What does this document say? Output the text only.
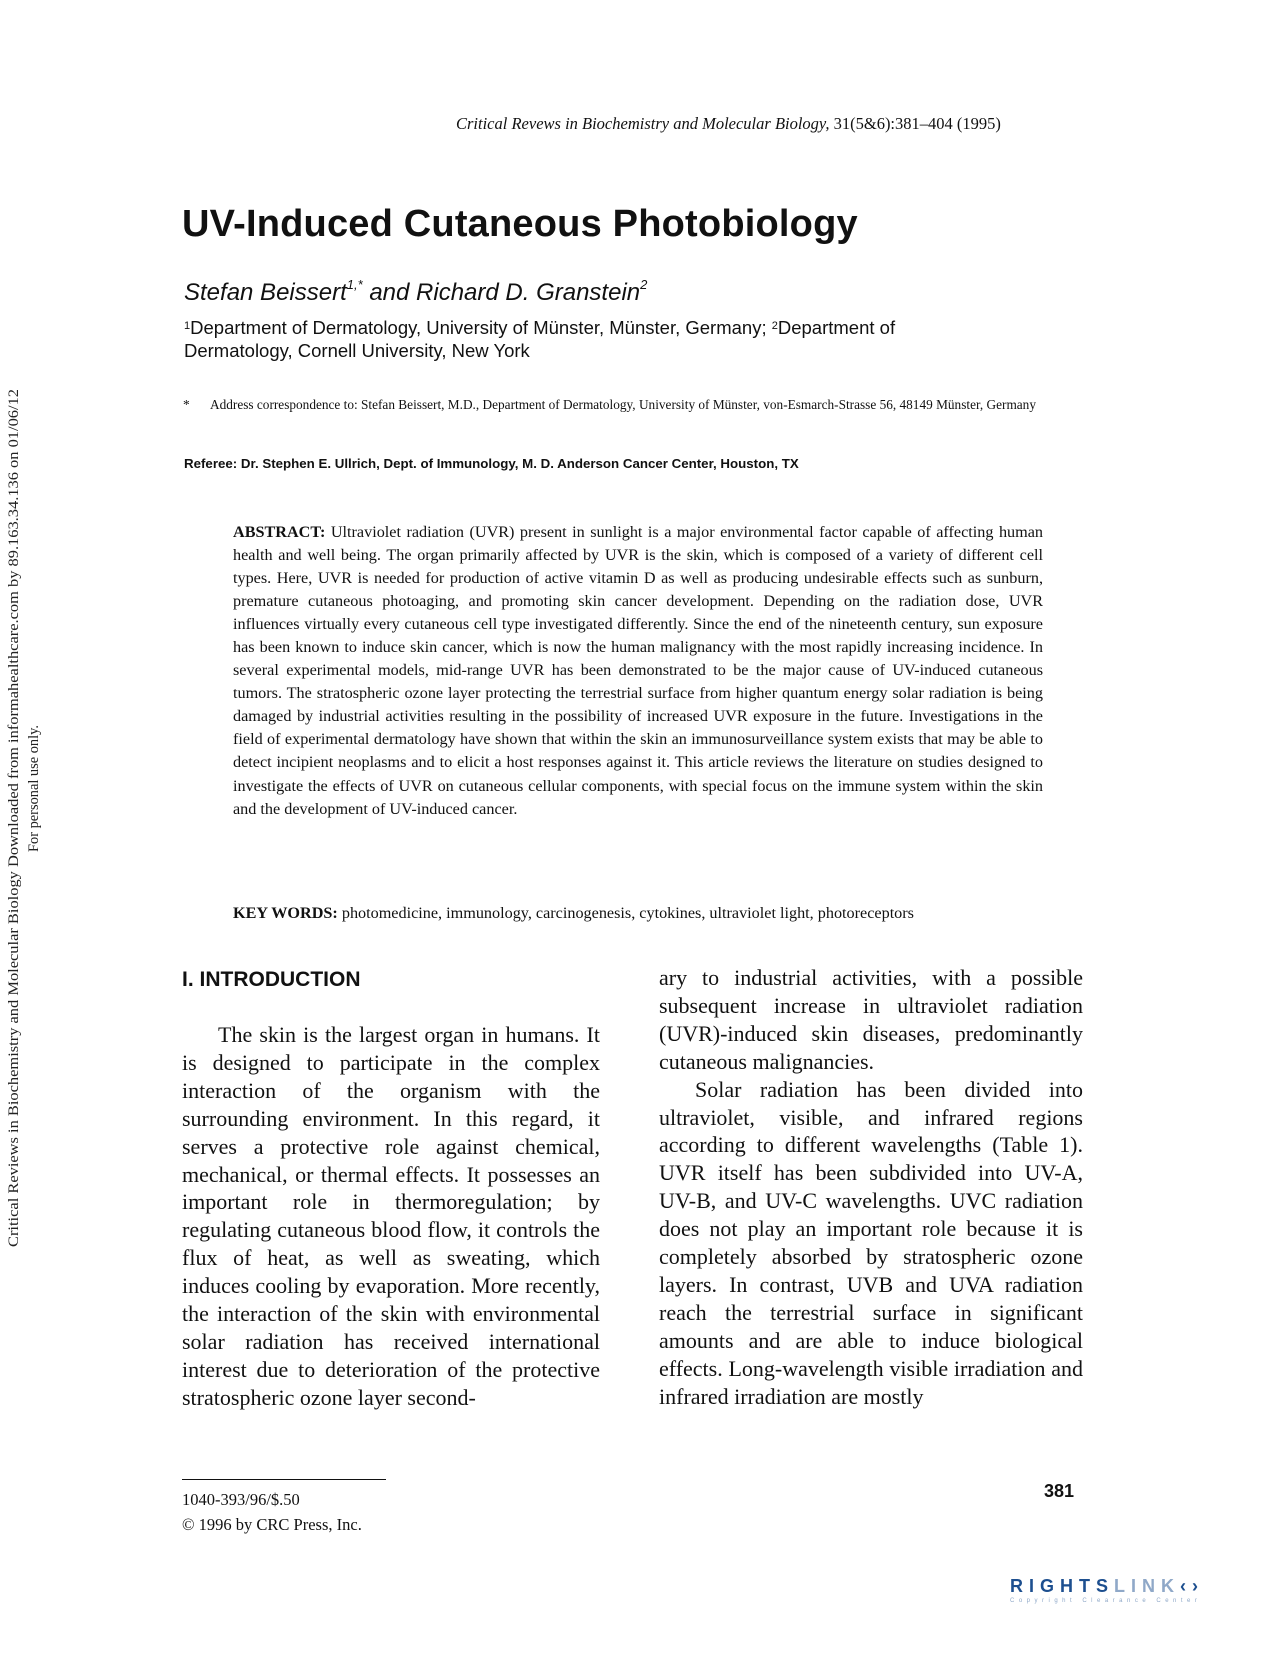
Critical Revews in Biochemistry and Molecular Biology, 31(5&6):381–404 (1995)
UV-Induced Cutaneous Photobiology
Stefan Beissert$^{1,*}$ and Richard D. Granstein$^2$
$^1$Department of Dermatology, University of Münster, Münster, Germany; $^2$Department of Dermatology, Cornell University, New York
*	Address correspondence to: Stefan Beissert, M.D., Department of Dermatology, University of Münster, von-Esmarch-Strasse 56, 48149 Münster, Germany
Referee: Dr. Stephen E. Ullrich, Dept. of Immunology, M. D. Anderson Cancer Center, Houston, TX
ABSTRACT: Ultraviolet radiation (UVR) present in sunlight is a major environmental factor capable of affecting human health and well being. The organ primarily affected by UVR is the skin, which is composed of a variety of different cell types. Here, UVR is needed for production of active vitamin D as well as producing undesirable effects such as sunburn, premature cutaneous photoaging, and promoting skin cancer development. Depending on the radiation dose, UVR influences virtually every cutaneous cell type investigated differently. Since the end of the nineteenth century, sun exposure has been known to induce skin cancer, which is now the human malignancy with the most rapidly increasing incidence. In several experimental models, mid-range UVR has been demonstrated to be the major cause of UV-induced cutaneous tumors. The stratospheric ozone layer protecting the terrestrial surface from higher quantum energy solar radiation is being damaged by industrial activities resulting in the possibility of increased UVR exposure in the future. Investigations in the field of experimental dermatology have shown that within the skin an immunosurveillance system exists that may be able to detect incipient neoplasms and to elicit a host responses against it. This article reviews the literature on studies designed to investigate the effects of UVR on cutaneous cellular components, with special focus on the immune system within the skin and the development of UV-induced cancer.
KEY WORDS: photomedicine, immunology, carcinogenesis, cytokines, ultraviolet light, photoreceptors
I. INTRODUCTION

The skin is the largest organ in humans. It is designed to participate in the complex interaction of the organism with the surrounding environment. In this regard, it serves a protective role against chemical, mechanical, or thermal effects. It possesses an important role in thermoregulation; by regulating cutaneous blood flow, it controls the flux of heat, as well as sweating, which induces cooling by evaporation. More recently, the interaction of the skin with environmental solar radiation has received international interest due to deterioration of the protective stratospheric ozone layer second-

ary to industrial activities, with a possible subsequent increase in ultraviolet radiation (UVR)-induced skin diseases, predominantly cutaneous malignancies.

Solar radiation has been divided into ultraviolet, visible, and infrared regions according to different wavelengths (Table 1). UVR itself has been subdivided into UV-A, UV-B, and UV-C wavelengths. UVC radiation does not play an important role because it is completely absorbed by stratospheric ozone layers. In contrast, UVB and UVA radiation reach the terrestrial surface in significant amounts and are able to induce biological effects. Long-wavelength visible irradiation and infrared irradiation are mostly

1040-393/96/$.50
© 1996 by CRC Press, Inc.
381
Critical Reviews in Biochemistry and Molecular Biology Downloaded from informahealthcare.com by 89.163.34.136 on 01/06/12 For personal use only.
RIGHTSLINK‹›
Copyright Clearance Center
